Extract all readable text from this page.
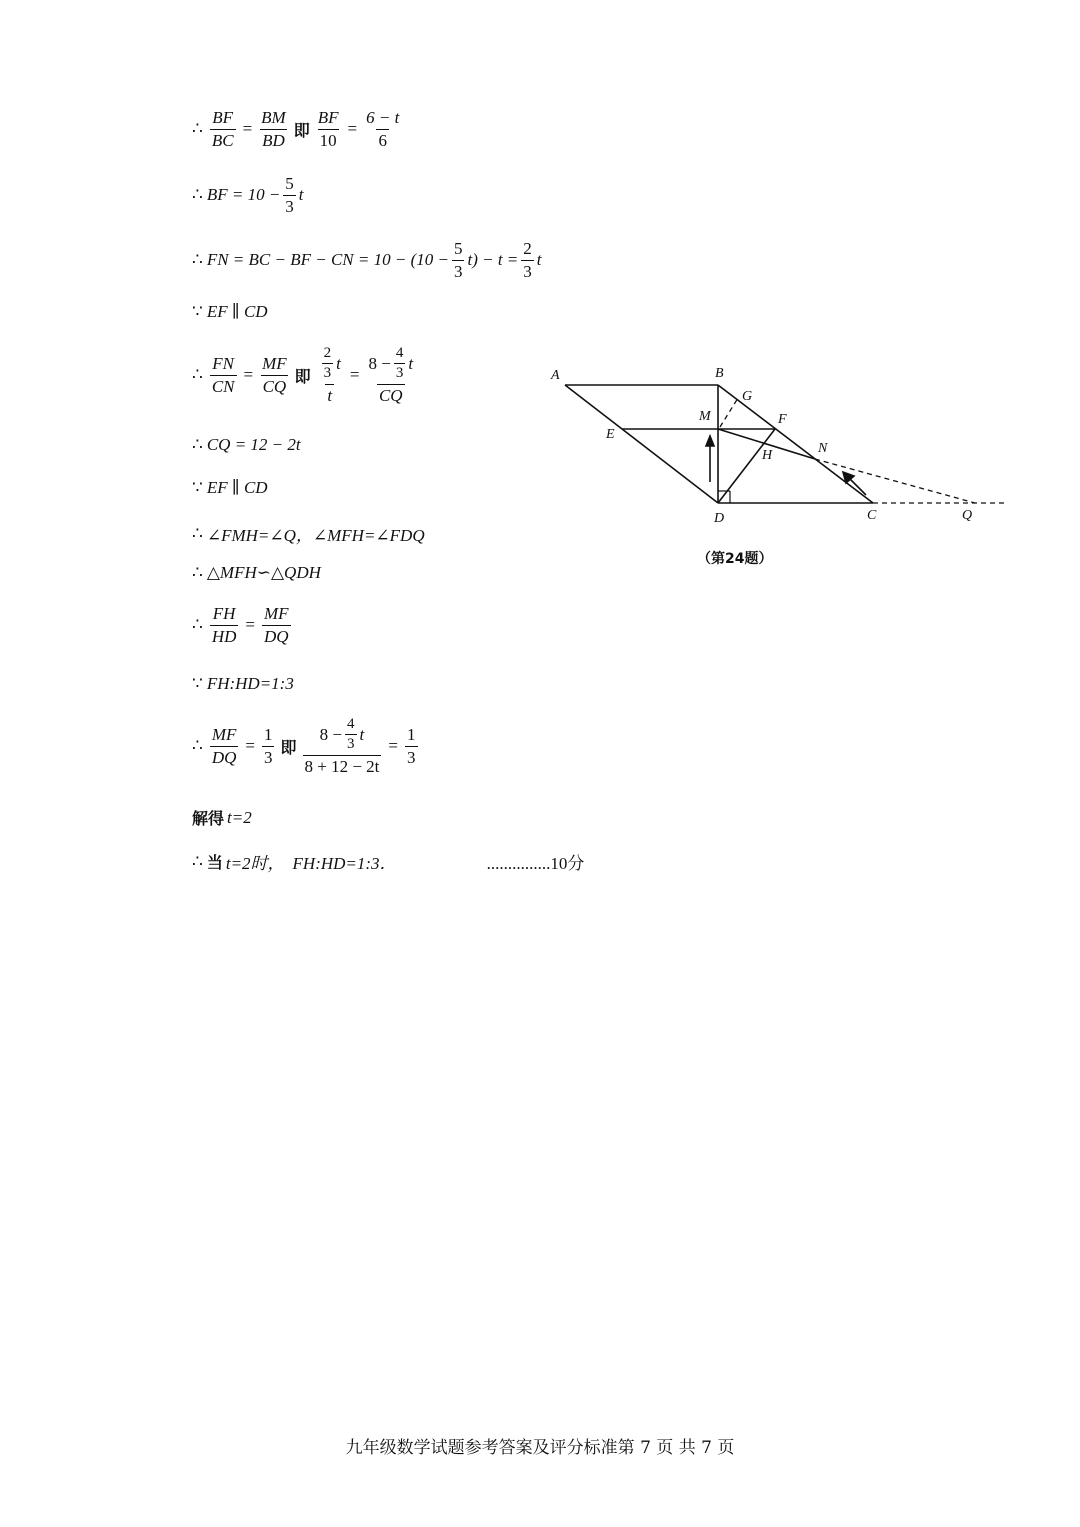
∴ $\frac{BF}{BC} = \frac{BM}{BD}$ 即 $\frac{BF}{10} = \frac{6 - t}{6}$
∴ BF = $10 - \frac{5}{3}$ t
∴ FN = BC − BF − CN = $10 - (10 - \frac{5}{3} t) - t = \frac{2}{3}$ t
∵ EF ∥ CD
∴ $\frac{FN}{CN} = \frac{MF}{CQ}$ 即 $\frac{\frac{2}{3} t}{t} = \frac{8 - \frac{4}{3} t}{CQ}$
∴ CQ = 12 − 2t
∵ EF ∥ CD
∴ ∠FMH=∠Q，∠MFH=∠FDQ
∴ △MFH∽△QDH
∴ $\frac{FH}{HD} = \frac{MF}{DQ}$
∵ FH:HD=1:3
∴ $\frac{MF}{DQ} = \frac{1}{3}$ 即 $\frac{8 - \frac{4}{3} t}{8 + 12 - 2t} = \frac{1}{3}$
解得 t=2
∴ 当 t=2时， FH:HD=1:3．	...............10分
A	B
G
M	F
E
N
H
D	C	Q
（第24题）
九年级数学试题参考答案及评分标准第 7 页 共 7 页
